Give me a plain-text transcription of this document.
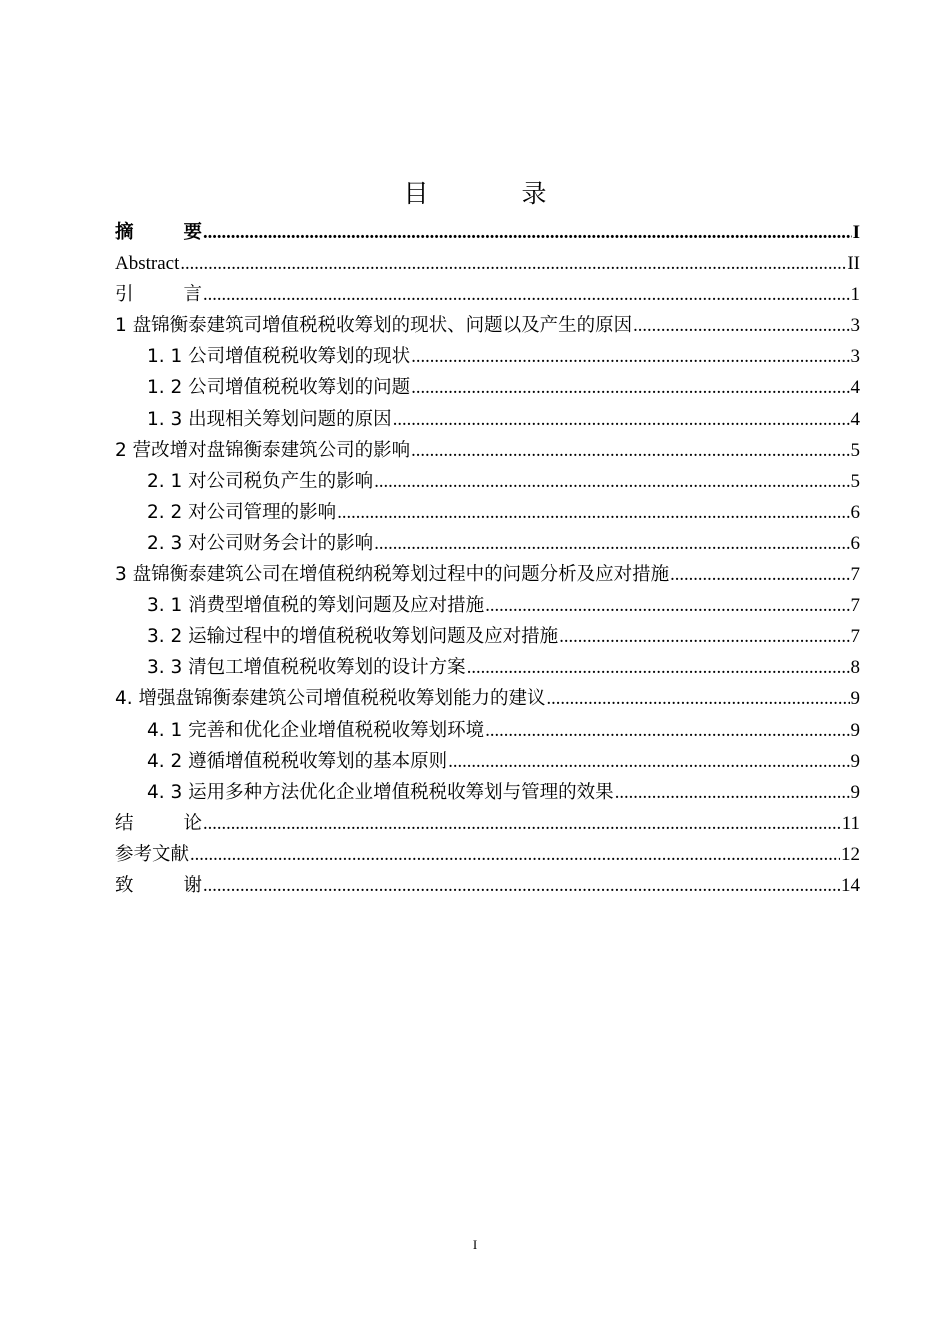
目　录
摘	要 .....	I
Abstract .....	II
引	言 .....	1
1 盘锦衡泰建筑司增值税税收筹划的现状、问题以及产生的原因 .....	3
1. 1 公司增值税税收筹划的现状 .....	3
1. 2 公司增值税税收筹划的问题 .....	4
1. 3 出现相关筹划问题的原因 .....	4
2 营改增对盘锦衡泰建筑公司的影响 .....	5
2. 1 对公司税负产生的影响 .....	5
2. 2 对公司管理的影响 .....	6
2. 3 对公司财务会计的影响 .....	6
3 盘锦衡泰建筑公司在增值税纳税筹划过程中的问题分析及应对措施 .....	7
3. 1 消费型增值税的筹划问题及应对措施 .....	7
3. 2 运输过程中的增值税税收筹划问题及应对措施 .....	7
3. 3 清包工增值税税收筹划的设计方案 .....	8
4. 增强盘锦衡泰建筑公司增值税税收筹划能力的建议 .....	9
4. 1 完善和优化企业增值税税收筹划环境 .....	9
4. 2 遵循增值税税收筹划的基本原则 .....	9
4. 3 运用多种方法优化企业增值税税收筹划与管理的效果 .....	9
结	论 .....	11
参考文献 .....	12
致	谢 .....	14
I
